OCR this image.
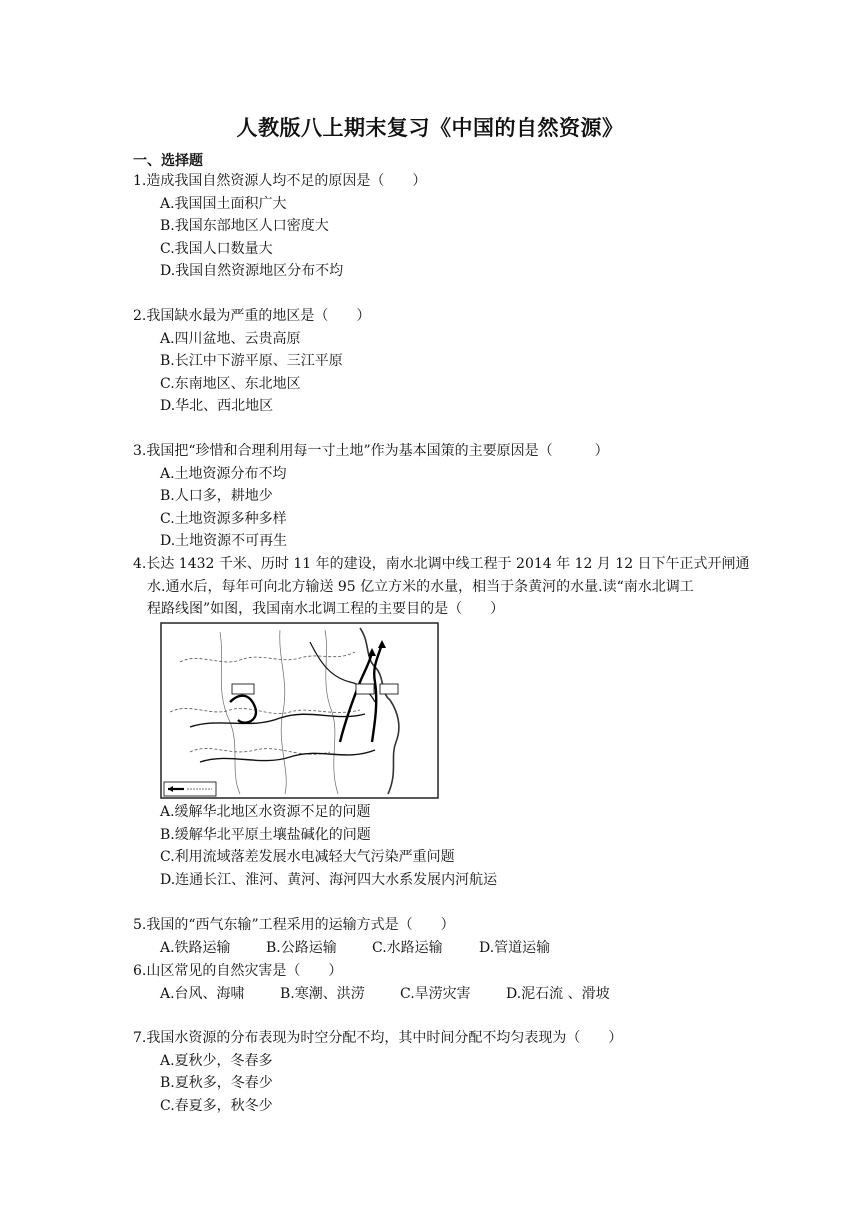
人教版八上期末复习《中国的自然资源》
一、选择题
1.造成我国自然资源人均不足的原因是（　　）
A.我国国土面积广大
B.我国东部地区人口密度大
C.我国人口数量大
D.我国自然资源地区分布不均
2.我国缺水最为严重的地区是（　　）
A.四川盆地、云贵高原
B.长江中下游平原、三江平原
C.东南地区、东北地区
D.华北、西北地区
3.我国把“珍惜和合理利用每一寸土地”作为基本国策的主要原因是（　　　）
A.土地资源分布不均
B.人口多，耕地少
C.土地资源多种多样
D.土地资源不可再生
4.长达 1432 千米、历时 11 年的建设，南水北调中线工程于 2014 年 12 月 12 日下午正式开闸通
水.通水后，每年可向北方输送 95 亿立方米的水量，相当于条黄河的水量.读“南水北调工
程路线图”如图，我国南水北调工程的主要目的是（　　）
A.缓解华北地区水资源不足的问题
B.缓解华北平原土壤盐碱化的问题
C.利用流域落差发展水电减轻大气污染严重问题
D.连通长江、淮河、黄河、海河四大水系发展内河航运
5.我国的“西气东输”工程采用的运输方式是（　　）
A.铁路运输	B.公路运输	C.水路运输	D.管道运输
6.山区常见的自然灾害是（　　）
A.台风、海啸	B.寒潮、洪涝	C.旱涝灾害	D.泥石流 、滑坡
7.我国水资源的分布表现为时空分配不均，其中时间分配不均匀表现为（　　）
A.夏秋少，冬春多
B.夏秋多，冬春少
C.春夏多，秋冬少
